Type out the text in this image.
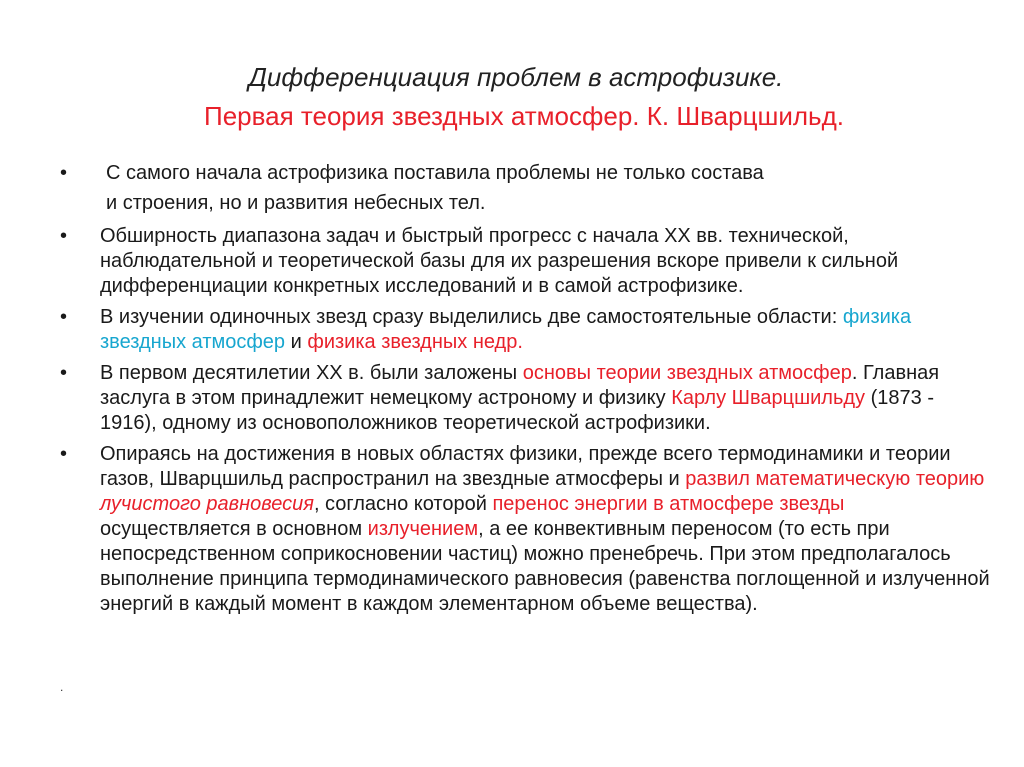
Дифференциация проблем в астрофизике.
Первая теория звездных атмосфер. К. Шварцшильд.
•	С самого начала астрофизика поставила проблемы не только состава
и строения, но и развития небесных тел.
•	Обширность диапазона задач и быстрый прогресс с начала XX вв. технической, наблюдательной и теоретической базы для их разрешения вскоре привели к сильной дифференциации конкретных исследований и в самой астрофизике.
•	В изучении одиночных звезд сразу выделились две самостоятельные области: физика звездных атмосфер и физика звездных недр.
•	В первом десятилетии XX в. были заложены основы теории звездных атмосфер. Главная заслуга в этом принадлежит немецкому астроному и физику Карлу Шварцшильду (1873 - 1916), одному из основоположников теоретической астрофизики.
•	Опираясь на достижения в новых областях физики, прежде всего термодинамики и теории газов, Шварцшильд распространил на звездные атмосферы и развил математическую теорию лучистого равновесия, согласно которой перенос энергии в атмосфере звезды осуществляется в основном излучением, а ее конвективным переносом (то есть при непосредственном соприкосновении частиц) можно пренебречь. При этом предполагалось выполнение принципа термодинамического равновесия (равенства поглощенной и излученной энергий в каждый момент в каждом элементарном объеме вещества).
.
